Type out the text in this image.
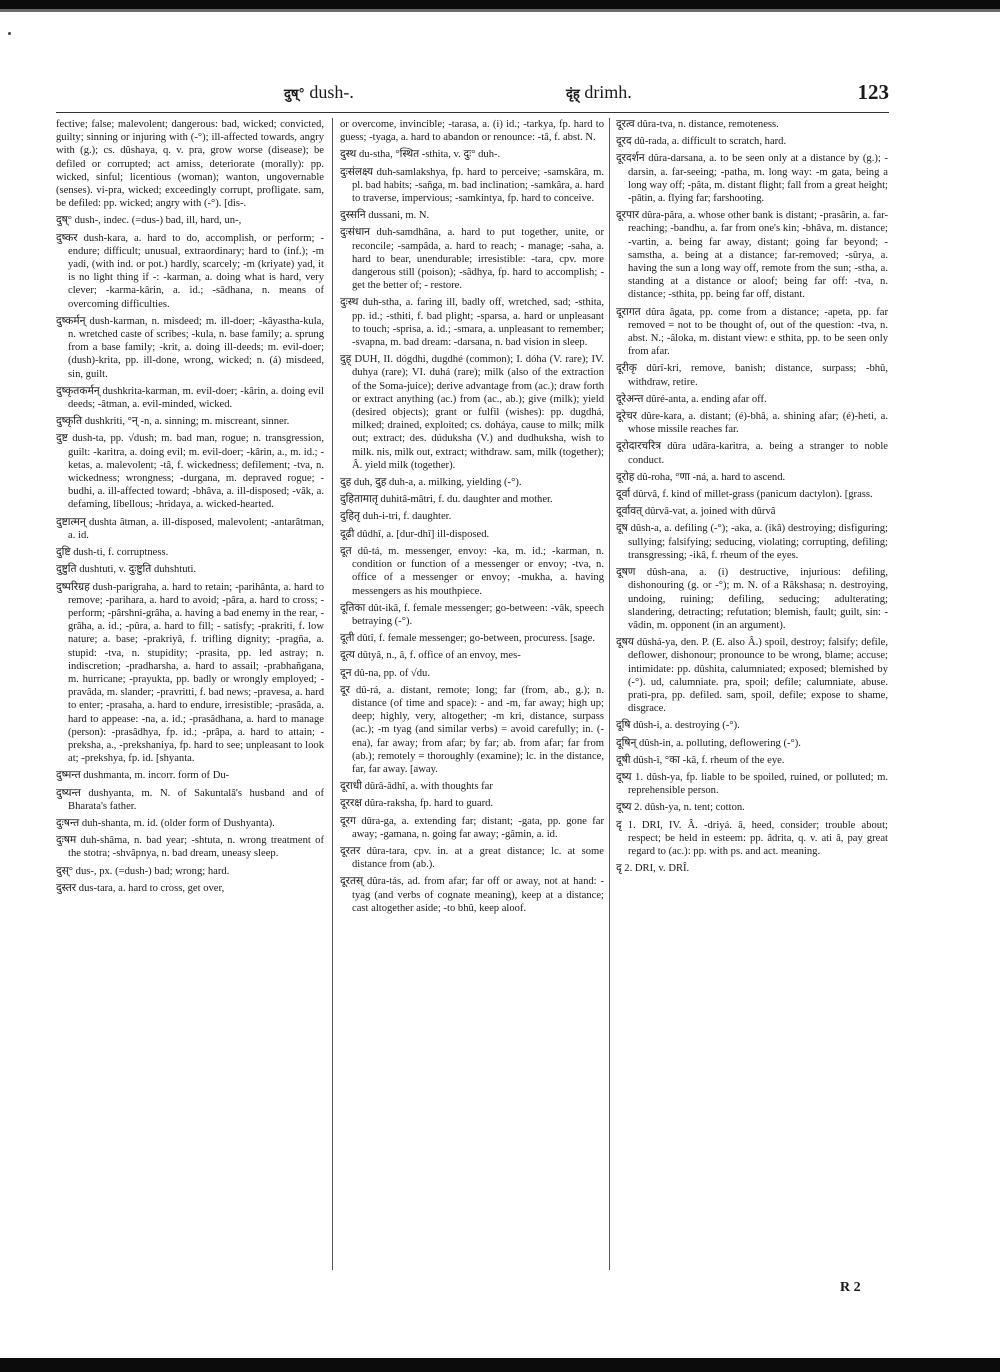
दुष्° dush-.	दृंह् drimh.	123

fective; false; malevolent; dangerous: bad, wicked; convicted, guilty; sinning or injuring with (-°); ill-affected towards, angry with (g.); cs. dûshaya, q. v. pra, grow worse (disease); be defiled or corrupted; act amiss, deteriorate (morally): pp. wicked, sinful; licentious (woman); wanton, ungovernable (senses). vi-pra, wicked; exceedingly corrupt, profligate. sam, be defiled: pp. wicked; angry with (-°). [dis-.

दुष्° dush-, indec. (=dus-) bad, ill, hard, un-,

दुष्कर dush-kara, a. hard to do, accomplish, or perform; - endure; difficult; unusual, extraordinary; hard to (inf.); -m yadi, (with ind. or pot.) hardly, scarcely; -m (kriyate) yad, it is no light thing if -: -karman, a. doing what is hard, very clever; -karma-kârin, a. id.; -sâdhana, n. means of overcoming difficulties.

दुष्कर्मन् dush-karman, n. misdeed; m. ill-doer; -kâyastha-kula, n. wretched caste of scribes; -kula, n. base family; a. sprung from a base family; -krit, a. doing ill-deeds; m. evil-doer; (dush)-krita, pp. ill-done, wrong, wicked; n. (á) misdeed, sin, guilt.

दुष्कृतकर्मन् dushkrita-karman, m. evil-doer; -kârin, a. doing evil deeds; -âtman, a. evil-minded, wicked.

दुष्कृति dushkriti, °न् -n, a. sinning; m. miscreant, sinner.

दुष्ट dush-ta, pp. √dush; m. bad man, rogue; n. transgression, guilt: -karitra, a. doing evil; m. evil-doer; -kârin, a., m. id.; -ketas, a. malevolent; -tâ, f. wickedness; defilement; -tva, n. wickedness; wrongness; -durgana, m. depraved rogue; -budhi, a. ill-affected toward; -bhâva, a. ill-disposed; -vâk, a. defaming, libellous; -hridaya, a. wicked-hearted.

दुष्टात्मन् dushta âtman, a. ill-disposed, malevolent; -antarâtman, a. id.

दुष्टि dush-ti, f. corruptness.

दुष्टुति dushtuti, v. दुःष्टुति duhshtuti.

दुष्परिग्रह dush-parigraha, a. hard to retain; -parihânta, a. hard to remove; -parihara, a. hard to avoid; -pâra, a. hard to cross; - perform; -pârshni-grâha, a. having a bad enemy in the rear, -grâha, a. id.; -pûra, a. hard to fill; - satisfy; -prakriti, f. low nature; a. base; -prakriyâ, f. trifling dignity; -pragña, a. stupid: -tva, n. stupidity; -prasita, pp. led astray; n. indiscretion; -pradharsha, a. hard to assail; -prabhañgana, m. hurricane; -prayukta, pp. badly or wrongly employed; -pravâda, m. slander; -pravritti, f. bad news; -pravesa, a. hard to enter; -prasaha, a. hard to endure, irresistible; -prasâda, a. hard to appease: -na, a. id.; -prasâdhana, a. hard to manage (person): -prasâdhya, fp. id.; -prâpa, a. hard to attain; -preksha, a., -prekshaniya, fp. hard to see; unpleasant to look at; -prekshya, fp. id. [shyanta.

दुष्मन्त dushmanta, m. incorr. form of Du-

दुष्यन्त dushyanta, m. N. of Sakuntalâ's husband and of Bharata's father.

दुःषन्त duh-shanta, m. id. (older form of Dushyanta).

दुःषम duh-shâma, n. bad year; -shtuta, n. wrong treatment of the stotra; -shvâpnya, n. bad dream, uneasy sleep.

दुस्° dus-, px. (=dush-) bad; wrong; hard.

दुस्तर dus-tara, a. hard to cross, get over,

or overcome, invincible; -tarasa, a. (i) id.; -tarkya, fp. hard to guess; -tyaga, a. hard to abandon or renounce: -tâ, f. abst. N.

दुस्थ du-stha, °स्थित -sthita, v. दुः° duh-.

दुःसंलक्ष्य duh-samlakshya, fp. hard to perceive; -samskâra, m. pl. bad habits; -sañga, m. bad inclination; -samkâra, a. hard to traverse, impervious; -samkintya, fp. hard to conceive.

दुस्सनि dussani, m. N.

दुःसंधान duh-samdhâna, a. hard to put together, unite, or reconcile; -sampâda, a. hard to reach; - manage; -saha, a. hard to bear, unendurable; irresistible: -tara, cpv. more dangerous still (poison); -sâdhya, fp. hard to accomplish; - get the better of; - restore.

दुःस्थ duh-stha, a. faring ill, badly off, wretched, sad; -sthita, pp. id.; -sthiti, f. bad plight; -sparsa, a. hard or unpleasant to touch; -sprisa, a. id.; -smara, a. unpleasant to remember; -svapna, m. bad dream: -darsana, n. bad vision in sleep.

दुह् DUH, II. dógdhi, dugdhé (common); I. dóha (V. rare); IV. duhya (rare); VI. duhá (rare); milk (also of the extraction of the Soma-juice); derive advantage from (ac.); draw forth or extract anything (ac.) from (ac., ab.); give (milk); yield (desired objects); grant or fulfil (wishes): pp. dugdhá, milked; drained, exploited; cs. doháya, cause to milk; milk out; extract; des. dúduksha (V.) and dudhuksha, wish to milk. nis, milk out, extract; withdraw. sam, milk (together); Â. yield milk (together).

दुह duh, दुह duh-a, a. milking, yielding (-°).

दुहितामातृ duhitâ-mâtri, f. du. daughter and mother.

दुहितृ duh-i-tri, f. daughter.

दूढी dûdhî, a. [dur-dhî] ill-disposed.

दूत dû-tá, m. messenger, envoy: -ka, m. id.; -karman, n. condition or function of a messenger or envoy; -tva, n. office of a messenger or envoy; -mukha, a. having messengers as his mouthpiece.

दूतिका dût-ikâ, f. female messenger; go-between: -vâk, speech betraying (-°).

दूती dûtî, f. female messenger; go-between, procuress. [sage.

दूत्य dûtyâ, n., â, f. office of an envoy, mes-

दून dû-na, pp. of √du.

दूर dû-rá, a. distant, remote; long; far (from, ab., g.); n. distance (of time and space): - and -m, far away; high up; deep; highly, very, altogether; -m kri, distance, surpass (ac.); -m tyag (and similar verbs) = avoid carefully; in. (-ena), far away; from afar; by far; ab. from afar; far from (ab.); remotely = thoroughly (examine); lc. in the distance, far, far away. [away.

दूराधी dûrâ-âdhî, a. with thoughts far

दूररक्ष dûra-raksha, fp. hard to guard.

दूरग dûra-ga, a. extending far; distant; -gata, pp. gone far away; -gamana, n. going far away; -gâmin, a. id.

दूरतर dûra-tara, cpv. in. at a great distance; lc. at some distance from (ab.).

दूरतस् dûra-tás, ad. from afar; far off or away, not at hand: -tyag (and verbs of cognate meaning), keep at a distance; cast altogether aside; -to bhû, keep aloof.

दूरत्व dûra-tva, n. distance, remoteness.

दूरद dû-rada, a. difficult to scratch, hard.

दूरदर्शन dûra-darsana, a. to be seen only at a distance by (g.); -darsin, a. far-seeing; -patha, m. long way: -m gata, being a long way off; -pâta, m. distant flight; fall from a great height; -pâtin, a. flying far; farshooting.

दूरपार dûra-pâra, a. whose other bank is distant; -prasârin, a. far-reaching; -bandhu, a. far from one's kin; -bhâva, m. distance; -vartin, a. being far away, distant; going far beyond; -samstha, a. being at a distance; far-removed; -sûrya, a. having the sun a long way off, remote from the sun; -stha, a. standing at a distance or aloof; being far off: -tva, n. distance; -sthita, pp. being far off, distant.

दूरागत dûra âgata, pp. come from a distance; -apeta, pp. far removed = not to be thought of, out of the question: -tva, n. abst. N.; -âloka, m. distant view: e sthita, pp. to be seen only from afar.

दूरीकृ dûrî-kri, remove, banish; distance, surpass; -bhû, withdraw, retire.

दूरेअन्त dûré-anta, a. ending afar off.

दूरेचर dûre-kara, a. distant; (é)-bhâ, a. shining afar; (é)-heti, a. whose missile reaches far.

दूरोदारचरित्र dûra udâra-karitra, a. being a stranger to noble conduct.

दूरोह dû-roha, °णा -ná, a. hard to ascend.

दूर्वा dûrvâ, f. kind of millet-grass (panicum dactylon). [grass.

दूर्वावत् dûrvâ-vat, a. joined with dûrvâ

दूष dûsh-a, a. defiling (-°); -aka, a. (ikâ) destroying; disfiguring; sullying; falsifying; seducing, violating; corrupting, defiling; transgressing; -ikâ, f. rheum of the eyes.

दूषण dûsh-ana, a. (i) destructive, injurious: defiling, dishonouring (g. or -°); m. N. of a Râkshasa; n. destroying, undoing, ruining; defiling, seducing; adulterating; slandering, detracting; refutation; blemish, fault; guilt, sin: -vâdin, m. opponent (in an argument).

दूषय dûshá-ya, den. P. (E. also Â.) spoil, destroy; falsify; defile, deflower, dishonour; pronounce to be wrong, blame; accuse; intimidate: pp. dûshita, calumniated; exposed; blemished by (-°). ud, calumniate. pra, spoil; defile; calumniate, abuse. prati-pra, pp. defiled. sam, spoil, defile; expose to shame, disgrace.

दूषि dûsh-i, a. destroying (-°).

दूषिन् dûsh-in, a. polluting, deflowering (-°).

दूषी dûsh-î, °का -kâ, f. rheum of the eye.

दूष्य 1. dûsh-ya, fp. liable to be spoiled, ruined, or polluted; m. reprehensible person.

दूष्य 2. dûsh-ya, n. tent; cotton.

दृ 1. DRI, IV. Â. -driyá. â, heed, consider; trouble about; respect; be held in esteem: pp. âdrita, q. v. ati â, pay great regard to (ac.): pp. with ps. and act. meaning.

दृ 2. DRI, v. DRÎ.

R 2
